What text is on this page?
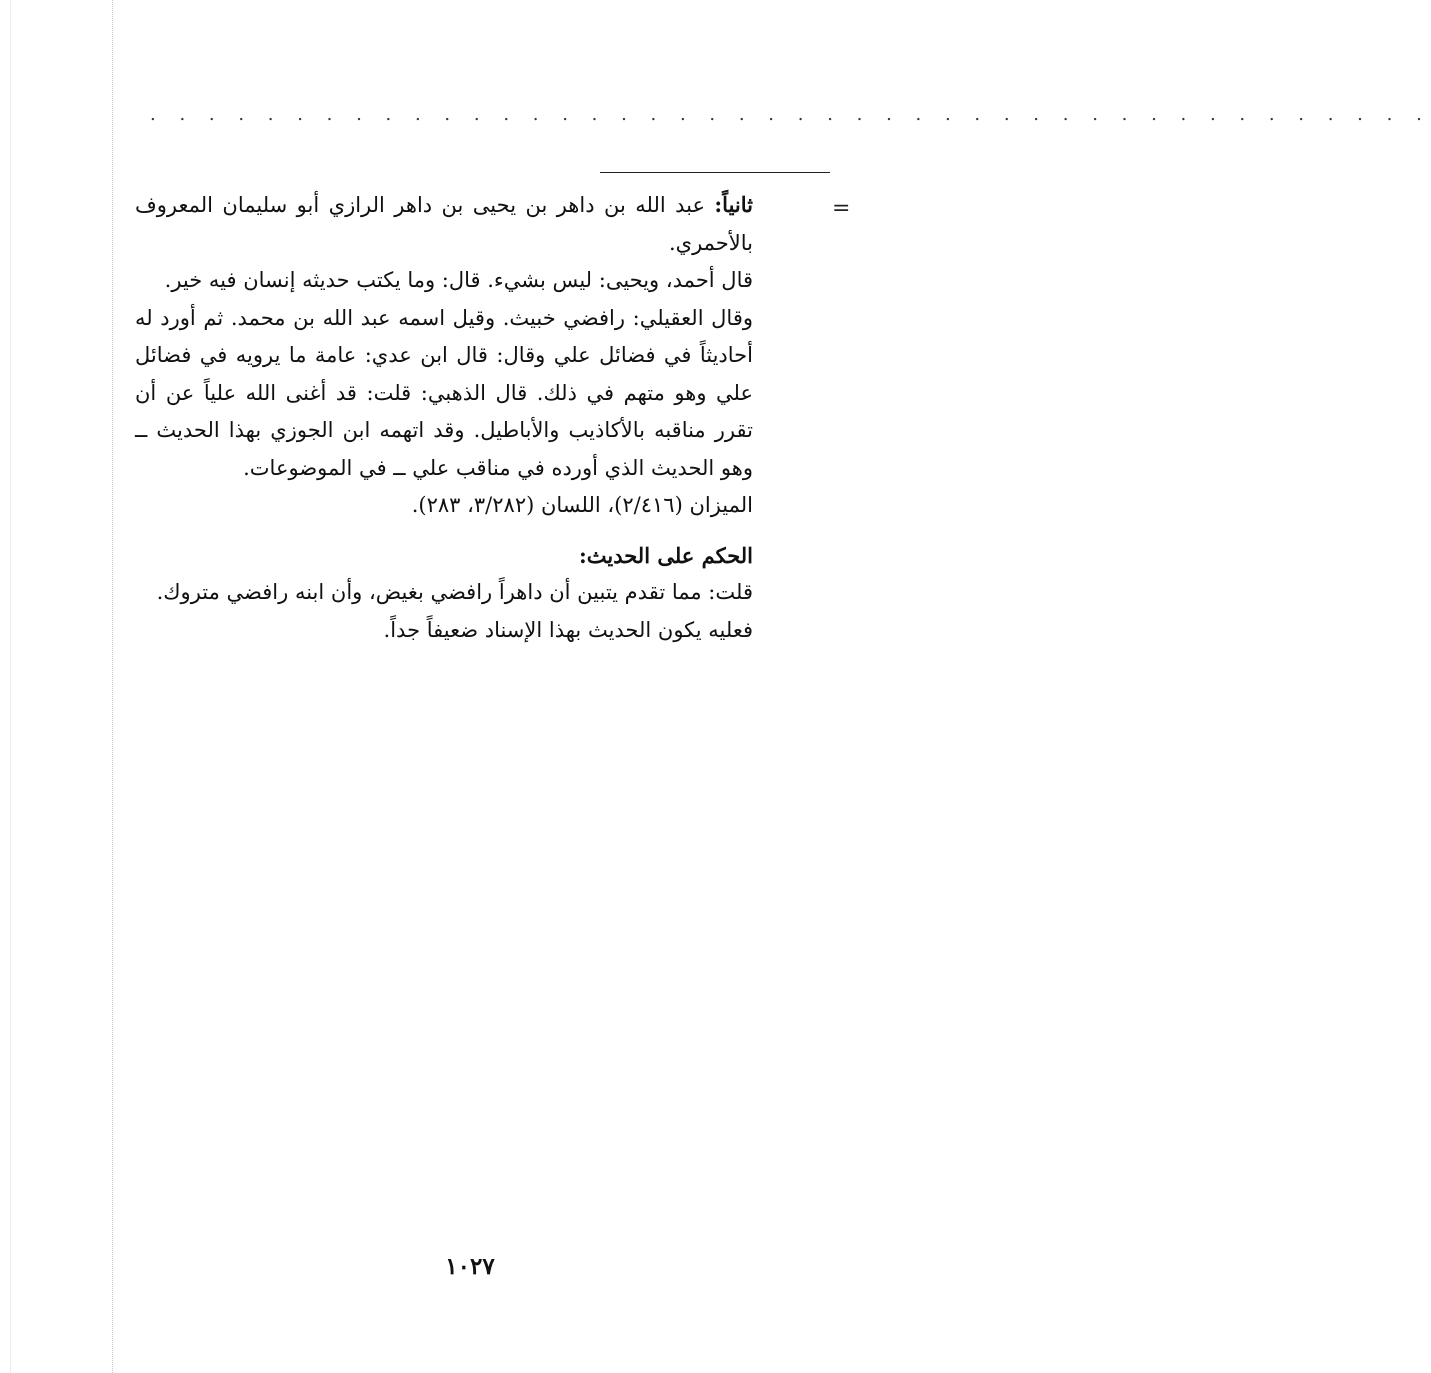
. . . . . . . . . . . . . . . . . . . . . . . . . . . . . . . . . . . . . . . . . . . .
=

ثانياً: عبد الله بن داهر بن يحيى بن داهر الرازي أبو سليمان المعروف بالأحمري.

قال أحمد، ويحيى: ليس بشيء. قال: وما يكتب حديثه إنسان فيه خير.

وقال العقيلي: رافضي خبيث. وقيل اسمه عبد الله بن محمد. ثم أورد له أحاديثاً في فضائل علي وقال: قال ابن عدي: عامة ما يرويه في فضائل علي وهو متهم في ذلك. قال الذهبي: قلت: قد أغنى الله علياً عن أن تقرر مناقبه بالأكاذيب والأباطيل. وقد اتهمه ابن الجوزي بهذا الحديث ــ وهو الحديث الذي أورده في مناقب علي ــ في الموضوعات.

الميزان (٢/٤١٦)، اللسان (٣/٢٨٢، ٢٨٣).

الحكم على الحديث:

قلت: مما تقدم يتبين أن داهراً رافضي بغيض، وأن ابنه رافضي متروك.

فعليه يكون الحديث بهذا الإسناد ضعيفاً جداً.

١٠٢٧
